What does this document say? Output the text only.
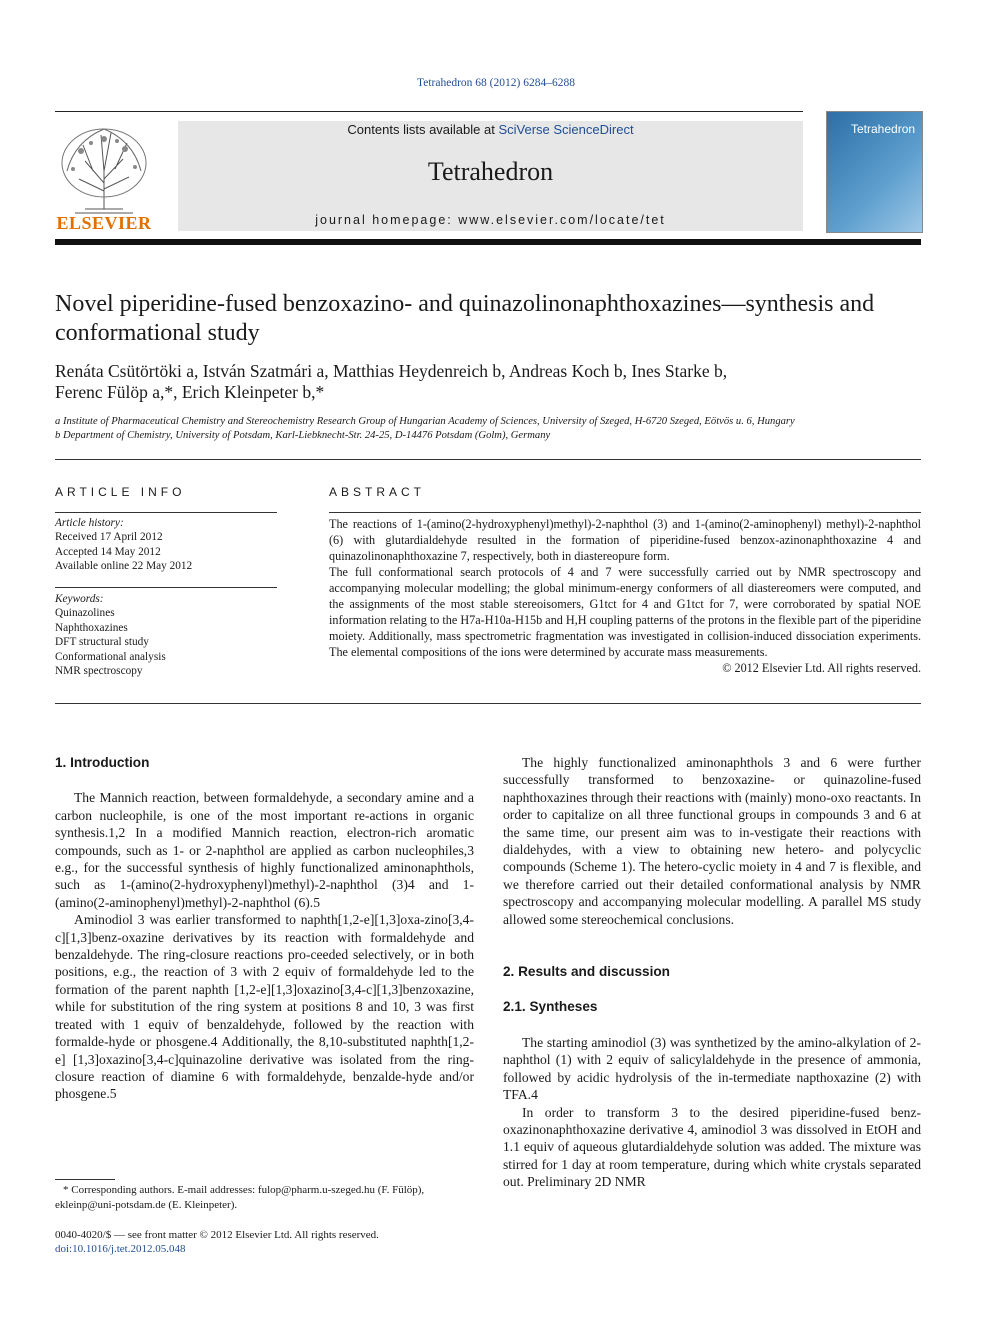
Tetrahedron 68 (2012) 6284–6288
ELSEVIER
Contents lists available at SciVerse ScienceDirect
Tetrahedron
journal homepage: www.elsevier.com/locate/tet
Tetrahedron
Novel piperidine-fused benzoxazino- and quinazolinonaphthoxazines—synthesis and conformational study
Renáta Csütörtöki a, István Szatmári a, Matthias Heydenreich b, Andreas Koch b, Ines Starke b,
Ferenc Fülöp a,*, Erich Kleinpeter b,*
a Institute of Pharmaceutical Chemistry and Stereochemistry Research Group of Hungarian Academy of Sciences, University of Szeged, H-6720 Szeged, Eötvös u. 6, Hungary
b Department of Chemistry, University of Potsdam, Karl-Liebknecht-Str. 24-25, D-14476 Potsdam (Golm), Germany
ARTICLE INFO
Article history:
Received 17 April 2012
Accepted 14 May 2012
Available online 22 May 2012
Keywords:
Quinazolines
Naphthoxazines
DFT structural study
Conformational analysis
NMR spectroscopy
ABSTRACT

The reactions of 1-(amino(2-hydroxyphenyl)methyl)-2-naphthol (3) and 1-(amino(2-aminophenyl) methyl)-2-naphthol (6) with glutardialdehyde resulted in the formation of piperidine-fused benzox-azinonaphthoxazine 4 and quinazolinonaphthoxazine 7, respectively, both in diastereopure form.

The full conformational search protocols of 4 and 7 were successfully carried out by NMR spectroscopy and accompanying molecular modelling; the global minimum-energy conformers of all diastereomers were computed, and the assignments of the most stable stereoisomers, G1tct for 4 and G1tct for 7, were corroborated by spatial NOE information relating to the H7a-H10a-H15b and H,H coupling patterns of the protons in the flexible part of the piperidine moiety. Additionally, mass spectrometric fragmentation was investigated in collision-induced dissociation experiments. The elemental compositions of the ions were determined by accurate mass measurements.

© 2012 Elsevier Ltd. All rights reserved.

1. Introduction

The Mannich reaction, between formaldehyde, a secondary amine and a carbon nucleophile, is one of the most important re-actions in organic synthesis.1,2 In a modified Mannich reaction, electron-rich aromatic compounds, such as 1- or 2-naphthol are applied as carbon nucleophiles,3 e.g., for the successful synthesis of highly functionalized aminonaphthols, such as 1-(amino(2-hydroxyphenyl)methyl)-2-naphthol (3)4 and 1-(amino(2-aminophenyl)methyl)-2-naphthol (6).5

Aminodiol 3 was earlier transformed to naphth[1,2-e][1,3]oxa-zino[3,4-c][1,3]benz-oxazine derivatives by its reaction with formaldehyde and benzaldehyde. The ring-closure reactions pro-ceeded selectively, or in both positions, e.g., the reaction of 3 with 2 equiv of formaldehyde led to the formation of the parent naphth [1,2-e][1,3]oxazino[3,4-c][1,3]benzoxazine, while for substitution of the ring system at positions 8 and 10, 3 was first treated with 1 equiv of benzaldehyde, followed by the reaction with formalde-hyde or phosgene.4 Additionally, the 8,10-substituted naphth[1,2-e] [1,3]oxazino[3,4-c]quinazoline derivative was isolated from the ring-closure reaction of diamine 6 with formaldehyde, benzalde-hyde and/or phosgene.5

The highly functionalized aminonaphthols 3 and 6 were further successfully transformed to benzoxazine- or quinazoline-fused naphthoxazines through their reactions with (mainly) mono-oxo reactants. In order to capitalize on all three functional groups in compounds 3 and 6 at the same time, our present aim was to in-vestigate their reactions with dialdehydes, with a view to obtaining new hetero- and polycyclic compounds (Scheme 1). The hetero-cyclic moiety in 4 and 7 is flexible, and we therefore carried out their detailed conformational analysis by NMR spectroscopy and accompanying molecular modelling. A parallel MS study allowed some stereochemical conclusions.

2. Results and discussion
2.1. Syntheses

The starting aminodiol (3) was synthetized by the amino-alkylation of 2-naphthol (1) with 2 equiv of salicylaldehyde in the presence of ammonia, followed by acidic hydrolysis of the in-termediate napthoxazine (2) with TFA.4

In order to transform 3 to the desired piperidine-fused benz-oxazinonaphthoxazine derivative 4, aminodiol 3 was dissolved in EtOH and 1.1 equiv of aqueous glutardialdehyde solution was added. The mixture was stirred for 1 day at room temperature, during which white crystals separated out. Preliminary 2D NMR

* Corresponding authors. E-mail addresses: fulop@pharm.u-szeged.hu (F. Fülöp), ekleinp@uni-potsdam.de (E. Kleinpeter).
0040-4020/$ — see front matter © 2012 Elsevier Ltd. All rights reserved.
doi:10.1016/j.tet.2012.05.048
